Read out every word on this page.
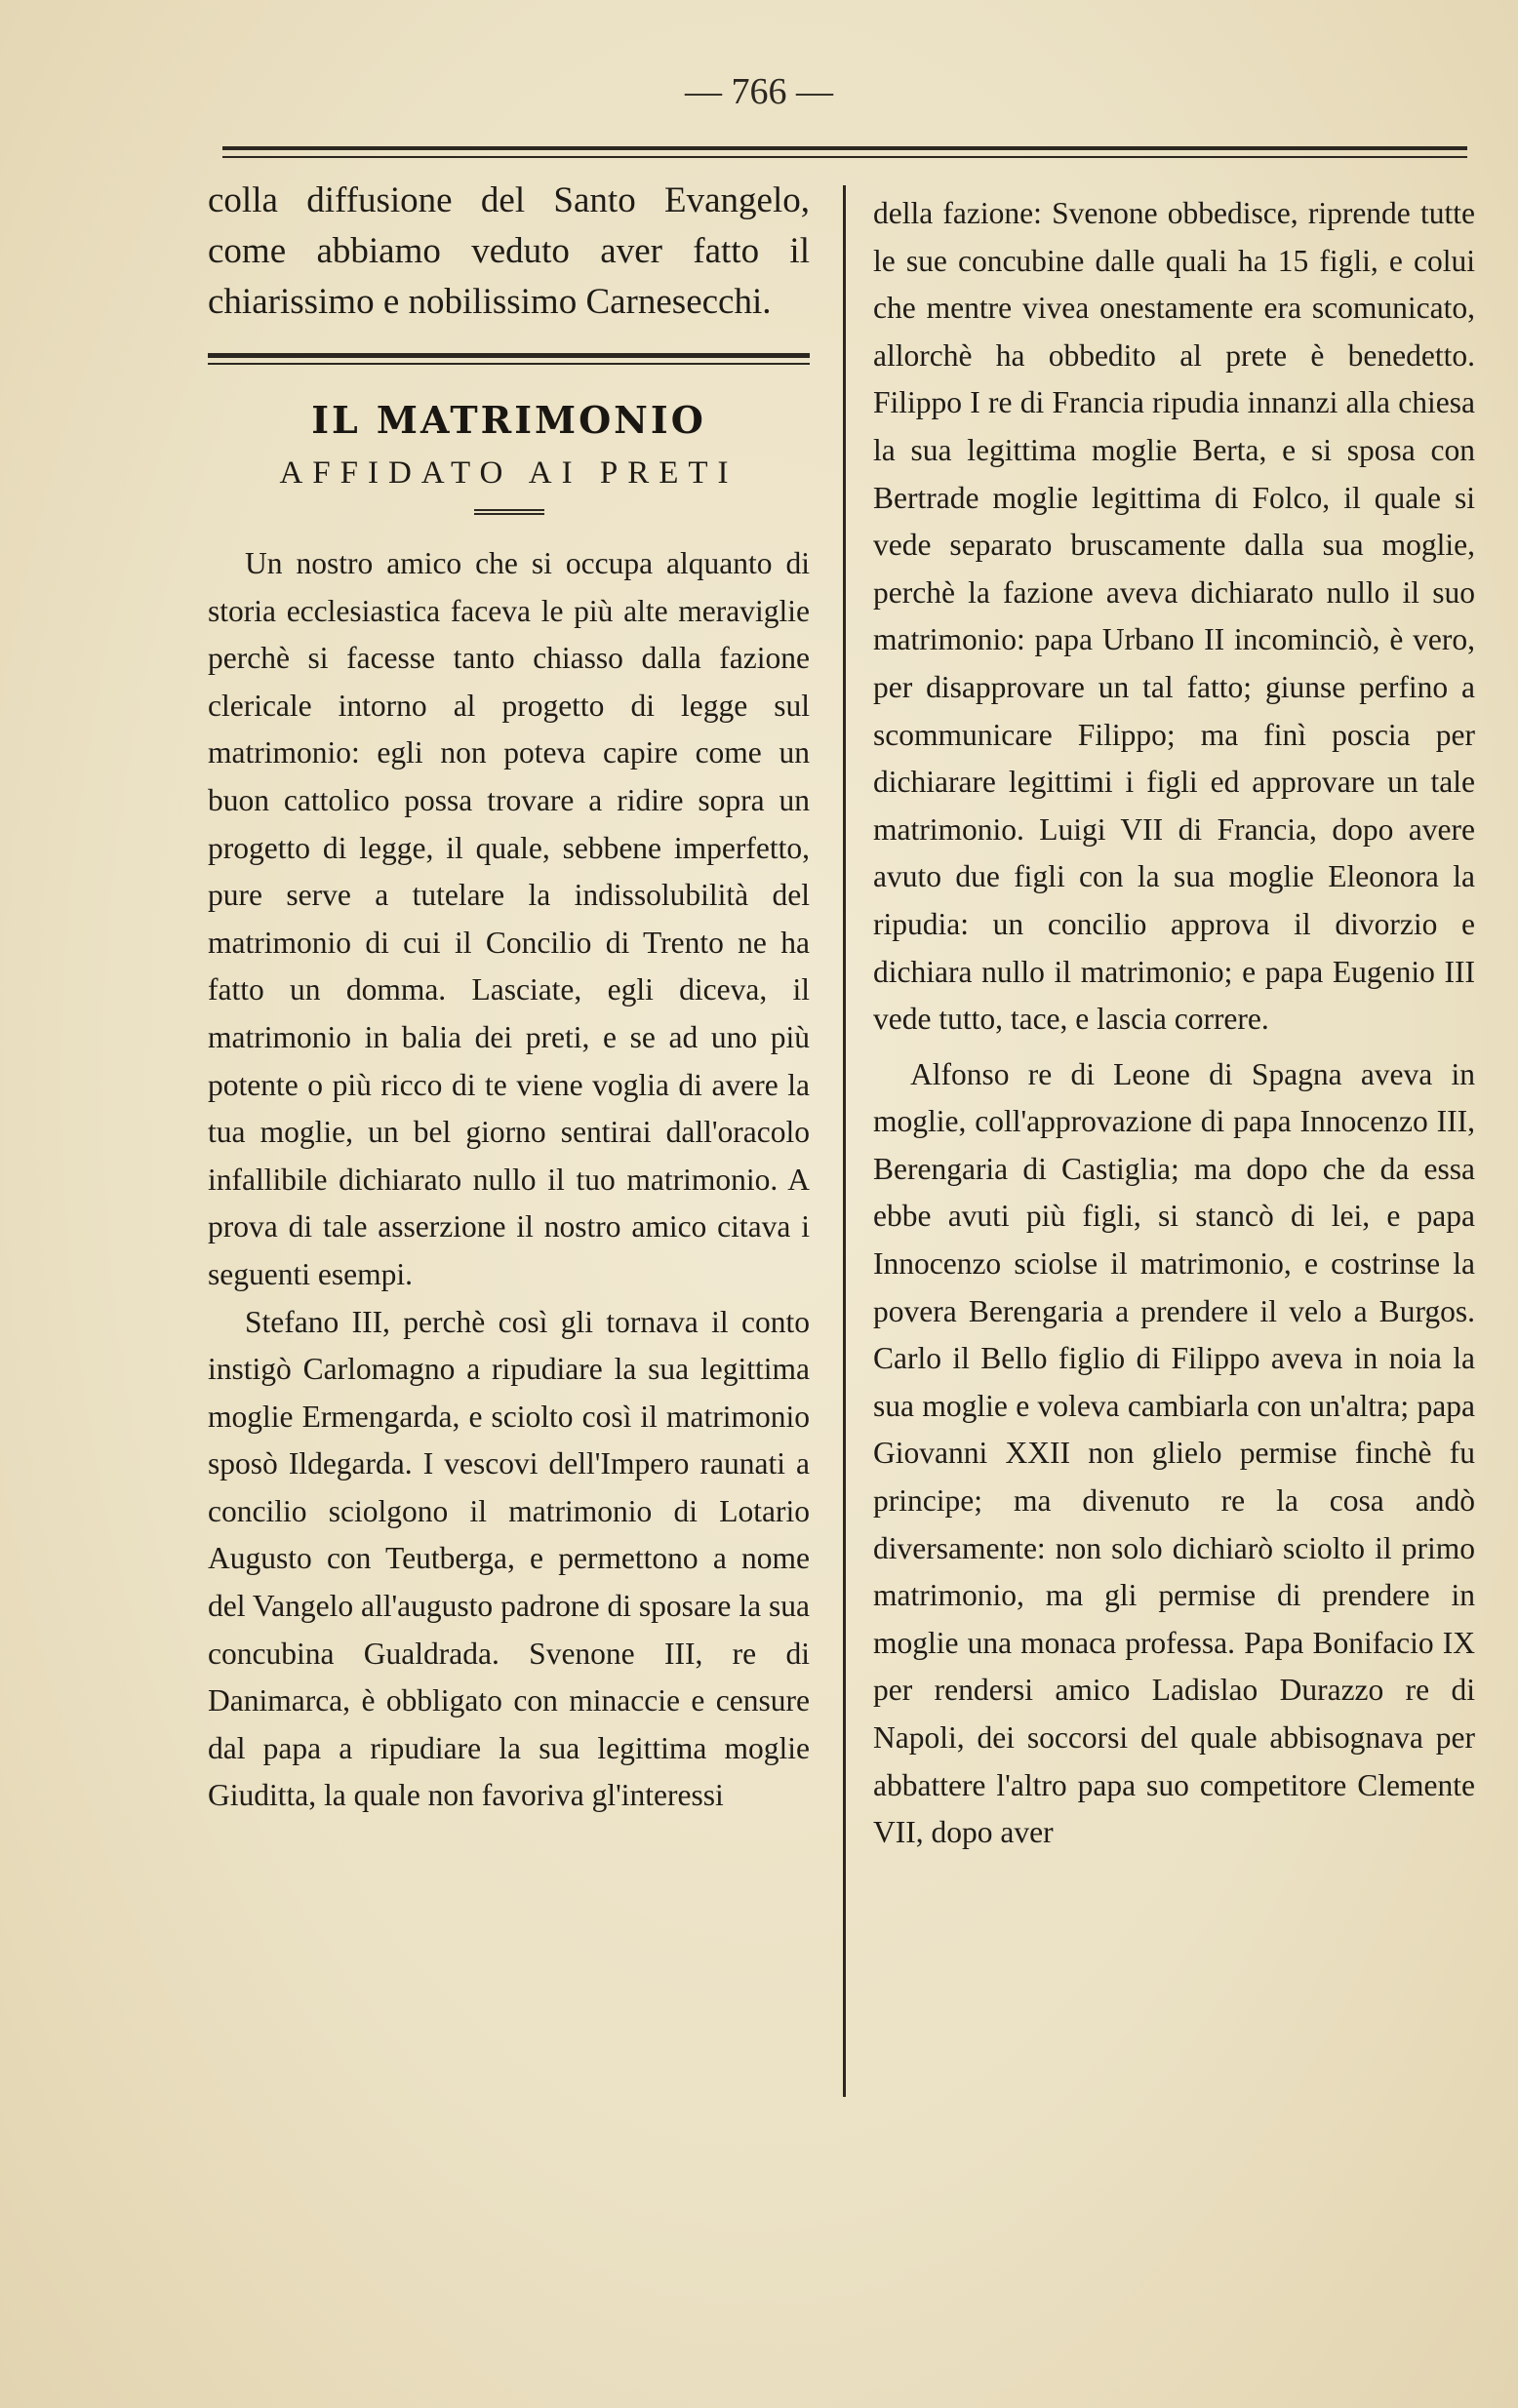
— 766 —

colla diffusione del Santo Evangelo, come abbiamo veduto aver fatto il chiarissimo e nobilissimo Carnesecchi.

IL MATRIMONIO
AFFIDATO AI PRETI

Un nostro amico che si occupa alquanto di storia ecclesiastica faceva le più alte meraviglie perchè si facesse tanto chiasso dalla fazione clericale intorno al progetto di legge sul matrimonio: egli non poteva capire come un buon cattolico possa trovare a ridire sopra un progetto di legge, il quale, sebbene imperfetto, pure serve a tutelare la indissolubilità del matrimonio di cui il Concilio di Trento ne ha fatto un domma. Lasciate, egli diceva, il matrimonio in balia dei preti, e se ad uno più potente o più ricco di te viene voglia di avere la tua moglie, un bel giorno sentirai dall'oracolo infallibile dichiarato nullo il tuo matrimonio. A prova di tale asserzione il nostro amico citava i seguenti esempi.

Stefano III, perchè così gli tornava il conto instigò Carlomagno a ripudiare la sua legittima moglie Ermengarda, e sciolto così il matrimonio sposò Ildegarda. I vescovi dell'Impero raunati a concilio sciolgono il matrimonio di Lotario Augusto con Teutberga, e permettono a nome del Vangelo all'augusto padrone di sposare la sua concubina Gualdrada. Svenone III, re di Danimarca, è obbligato con minaccie e censure dal papa a ripudiare la sua legittima moglie Giuditta, la quale non favoriva gl'interessi

della fazione: Svenone obbedisce, riprende tutte le sue concubine dalle quali ha 15 figli, e colui che mentre vivea onestamente era scomunicato, allorchè ha obbedito al prete è benedetto. Filippo I re di Francia ripudia innanzi alla chiesa la sua legittima moglie Berta, e si sposa con Bertrade moglie legittima di Folco, il quale si vede separato bruscamente dalla sua moglie, perchè la fazione aveva dichiarato nullo il suo matrimonio: papa Urbano II incominciò, è vero, per disapprovare un tal fatto; giunse perfino a scommunicare Filippo; ma finì poscia per dichiarare legittimi i figli ed approvare un tale matrimonio. Luigi VII di Francia, dopo avere avuto due figli con la sua moglie Eleonora la ripudia: un concilio approva il divorzio e dichiara nullo il matrimonio; e papa Eugenio III vede tutto, tace, e lascia correre.

Alfonso re di Leone di Spagna aveva in moglie, coll'approvazione di papa Innocenzo III, Berengaria di Castiglia; ma dopo che da essa ebbe avuti più figli, si stancò di lei, e papa Innocenzo sciolse il matrimonio, e costrinse la povera Berengaria a prendere il velo a Burgos. Carlo il Bello figlio di Filippo aveva in noia la sua moglie e voleva cambiarla con un'altra; papa Giovanni XXII non glielo permise finchè fu principe; ma divenuto re la cosa andò diversamente: non solo dichiarò sciolto il primo matrimonio, ma gli permise di prendere in moglie una monaca professa. Papa Bonifacio IX per rendersi amico Ladislao Durazzo re di Napoli, dei soccorsi del quale abbisognava per abbattere l'altro papa suo competitore Clemente VII, dopo aver
